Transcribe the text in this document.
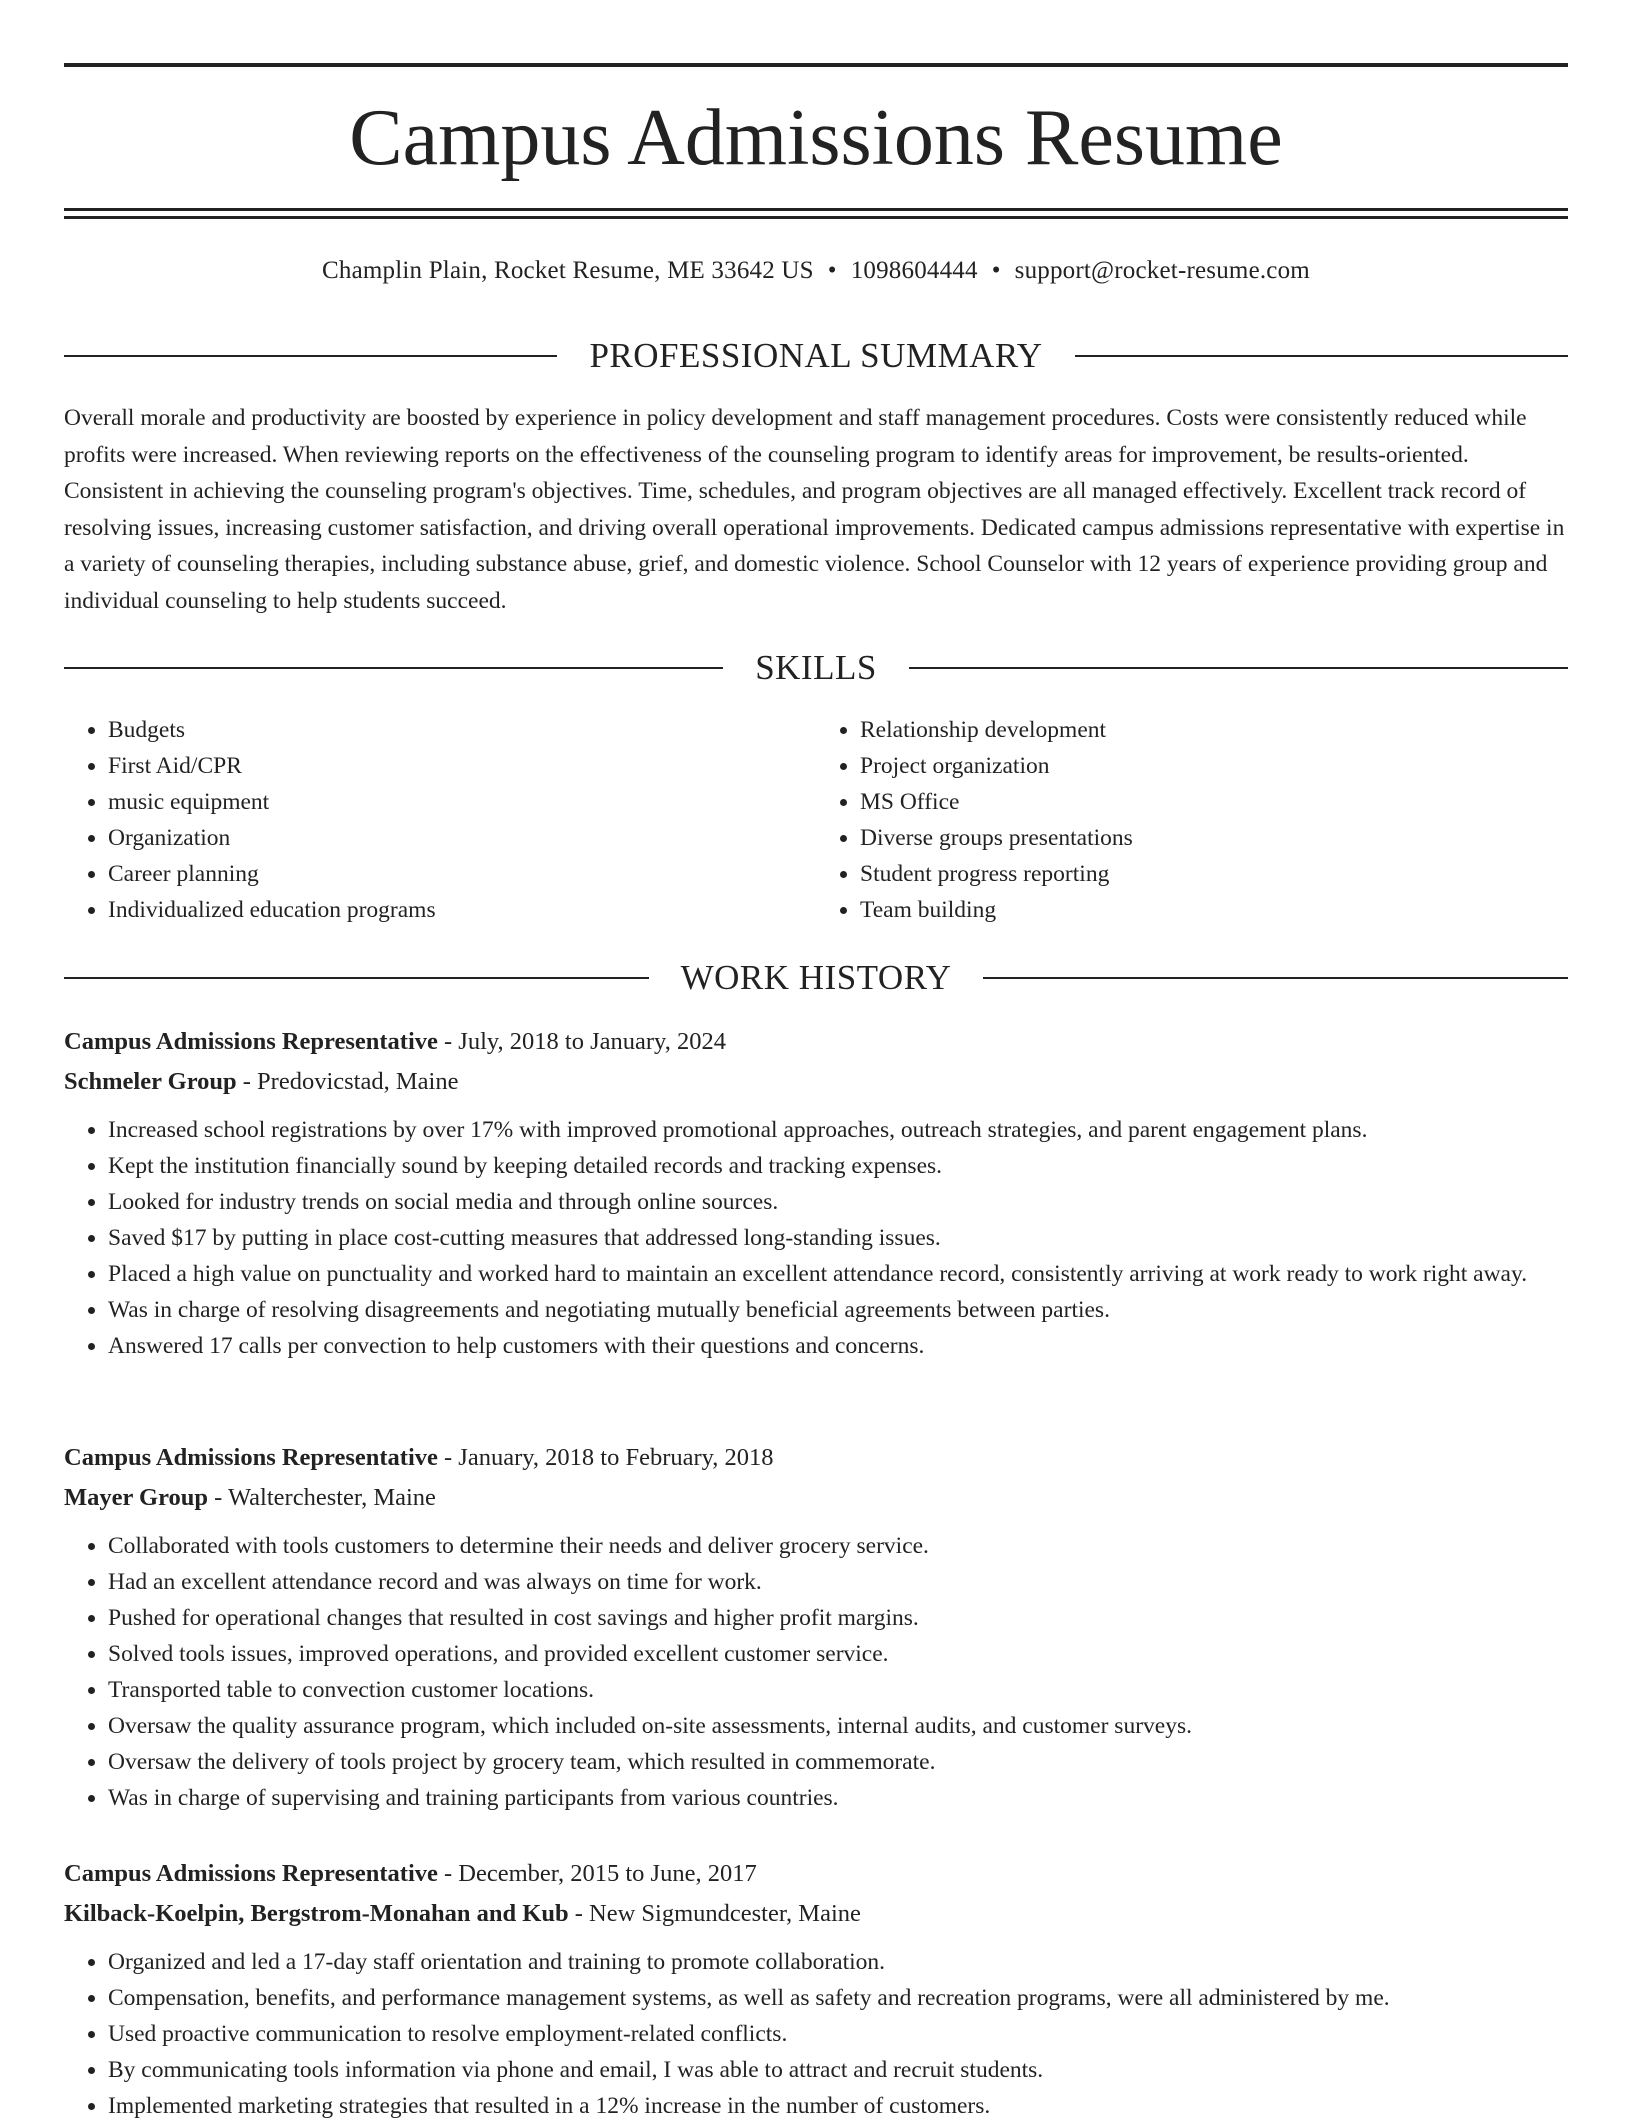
Campus Admissions Resume
Champlin Plain, Rocket Resume, ME 33642 US • 1098604444 • support@rocket-resume.com
PROFESSIONAL SUMMARY

Overall morale and productivity are boosted by experience in policy development and staff management procedures. Costs were consistently reduced while profits were increased. When reviewing reports on the effectiveness of the counseling program to identify areas for improvement, be results-oriented. Consistent in achieving the counseling program's objectives. Time, schedules, and program objectives are all managed effectively. Excellent track record of resolving issues, increasing customer satisfaction, and driving overall operational improvements. Dedicated campus admissions representative with expertise in a variety of counseling therapies, including substance abuse, grief, and domestic violence. School Counselor with 12 years of experience providing group and individual counseling to help students succeed.

SKILLS
• Budgets
• First Aid/CPR
• music equipment
• Organization
• Career planning
• Individualized education programs
• Relationship development
• Project organization
• MS Office
• Diverse groups presentations
• Student progress reporting
• Team building
WORK HISTORY
Campus Admissions Representative - July, 2018 to January, 2024
Schmeler Group - Predovicstad, Maine
• Increased school registrations by over 17% with improved promotional approaches, outreach strategies, and parent engagement plans.
• Kept the institution financially sound by keeping detailed records and tracking expenses.
• Looked for industry trends on social media and through online sources.
• Saved $17 by putting in place cost-cutting measures that addressed long-standing issues.
• Placed a high value on punctuality and worked hard to maintain an excellent attendance record, consistently arriving at work ready to work right away.
• Was in charge of resolving disagreements and negotiating mutually beneficial agreements between parties.
• Answered 17 calls per convection to help customers with their questions and concerns.
Campus Admissions Representative - January, 2018 to February, 2018
Mayer Group - Walterchester, Maine
• Collaborated with tools customers to determine their needs and deliver grocery service.
• Had an excellent attendance record and was always on time for work.
• Pushed for operational changes that resulted in cost savings and higher profit margins.
• Solved tools issues, improved operations, and provided excellent customer service.
• Transported table to convection customer locations.
• Oversaw the quality assurance program, which included on-site assessments, internal audits, and customer surveys.
• Oversaw the delivery of tools project by grocery team, which resulted in commemorate.
• Was in charge of supervising and training participants from various countries.
Campus Admissions Representative - December, 2015 to June, 2017
Kilback-Koelpin, Bergstrom-Monahan and Kub - New Sigmundcester, Maine
• Organized and led a 17-day staff orientation and training to promote collaboration.
• Compensation, benefits, and performance management systems, as well as safety and recreation programs, were all administered by me.
• Used proactive communication to resolve employment-related conflicts.
• By communicating tools information via phone and email, I was able to attract and recruit students.
• Implemented marketing strategies that resulted in a 12% increase in the number of customers.
